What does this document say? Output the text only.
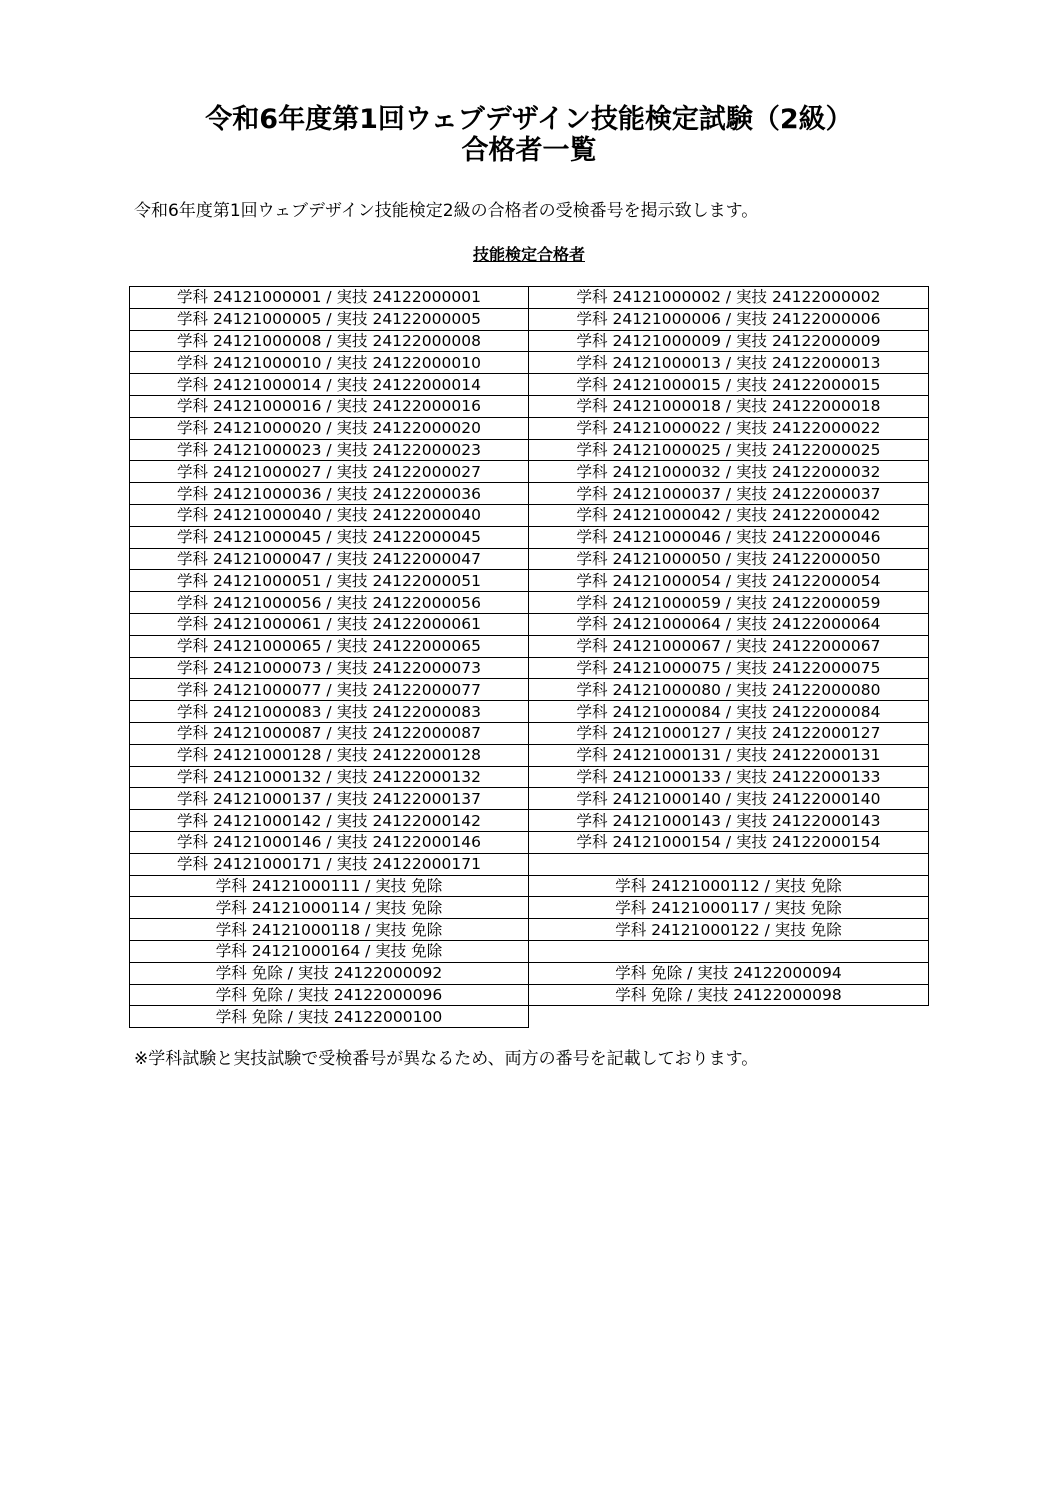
令和6年度第1回ウェブデザイン技能検定試験（2級）
合格者一覧

令和6年度第1回ウェブデザイン技能検定2級の合格者の受検番号を掲示致します。

技能検定合格者

学科 24121000001 / 実技 24122000001	学科 24121000002 / 実技 24122000002
学科 24121000005 / 実技 24122000005	学科 24121000006 / 実技 24122000006
学科 24121000008 / 実技 24122000008	学科 24121000009 / 実技 24122000009
学科 24121000010 / 実技 24122000010	学科 24121000013 / 実技 24122000013
学科 24121000014 / 実技 24122000014	学科 24121000015 / 実技 24122000015
学科 24121000016 / 実技 24122000016	学科 24121000018 / 実技 24122000018
学科 24121000020 / 実技 24122000020	学科 24121000022 / 実技 24122000022
学科 24121000023 / 実技 24122000023	学科 24121000025 / 実技 24122000025
学科 24121000027 / 実技 24122000027	学科 24121000032 / 実技 24122000032
学科 24121000036 / 実技 24122000036	学科 24121000037 / 実技 24122000037
学科 24121000040 / 実技 24122000040	学科 24121000042 / 実技 24122000042
学科 24121000045 / 実技 24122000045	学科 24121000046 / 実技 24122000046
学科 24121000047 / 実技 24122000047	学科 24121000050 / 実技 24122000050
学科 24121000051 / 実技 24122000051	学科 24121000054 / 実技 24122000054
学科 24121000056 / 実技 24122000056	学科 24121000059 / 実技 24122000059
学科 24121000061 / 実技 24122000061	学科 24121000064 / 実技 24122000064
学科 24121000065 / 実技 24122000065	学科 24121000067 / 実技 24122000067
学科 24121000073 / 実技 24122000073	学科 24121000075 / 実技 24122000075
学科 24121000077 / 実技 24122000077	学科 24121000080 / 実技 24122000080
学科 24121000083 / 実技 24122000083	学科 24121000084 / 実技 24122000084
学科 24121000087 / 実技 24122000087	学科 24121000127 / 実技 24122000127
学科 24121000128 / 実技 24122000128	学科 24121000131 / 実技 24122000131
学科 24121000132 / 実技 24122000132	学科 24121000133 / 実技 24122000133
学科 24121000137 / 実技 24122000137	学科 24121000140 / 実技 24122000140
学科 24121000142 / 実技 24122000142	学科 24121000143 / 実技 24122000143
学科 24121000146 / 実技 24122000146	学科 24121000154 / 実技 24122000154
学科 24121000171 / 実技 24122000171	
学科 24121000111 / 実技 免除	学科 24121000112 / 実技 免除
学科 24121000114 / 実技 免除	学科 24121000117 / 実技 免除
学科 24121000118 / 実技 免除	学科 24121000122 / 実技 免除
学科 24121000164 / 実技 免除	
学科 免除 / 実技 24122000092	学科 免除 / 実技 24122000094
学科 免除 / 実技 24122000096	学科 免除 / 実技 24122000098
学科 免除 / 実技 24122000100	

※学科試験と実技試験で受検番号が異なるため、両方の番号を記載しております。
